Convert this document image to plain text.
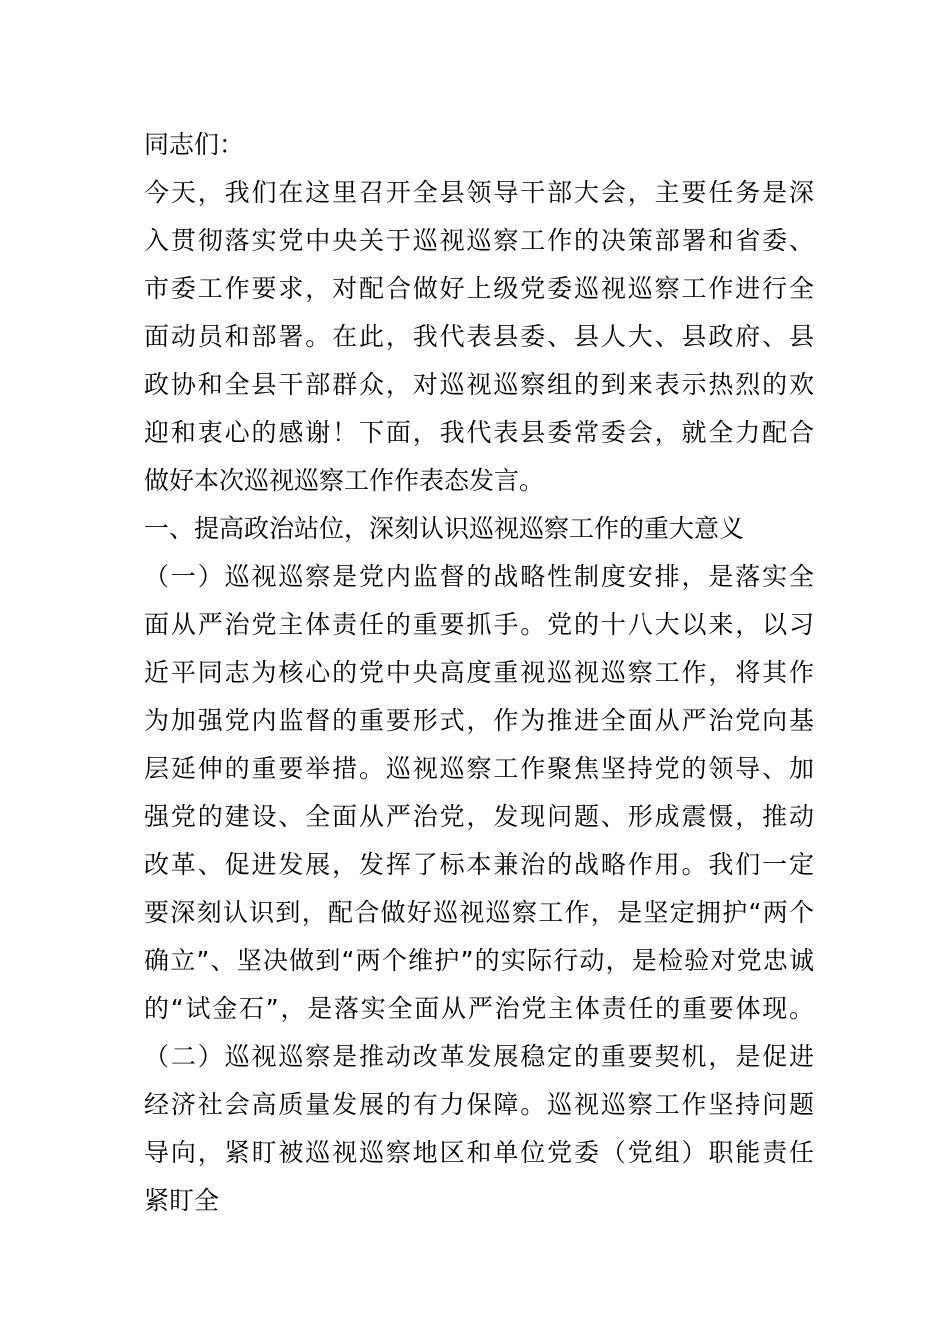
同志们：
今天，我们在这里召开全县领导干部大会，主要任务是深
入贯彻落实党中央关于巡视巡察工作的决策部署和省委、
市委工作要求，对配合做好上级党委巡视巡察工作进行全
面动员和部署。在此，我代表县委、县人大、县政府、县
政协和全县干部群众，对巡视巡察组的到来表示热烈的欢
迎和衷心的感谢！下面，我代表县委常委会，就全力配合
做好本次巡视巡察工作作表态发言。
一、提高政治站位，深刻认识巡视巡察工作的重大意义
（一）巡视巡察是党内监督的战略性制度安排，是落实全
面从严治党主体责任的重要抓手。党的十八大以来，以习
近平同志为核心的党中央高度重视巡视巡察工作，将其作
为加强党内监督的重要形式，作为推进全面从严治党向基
层延伸的重要举措。巡视巡察工作聚焦坚持党的领导、加
强党的建设、全面从严治党，发现问题、形成震慑，推动
改革、促进发展，发挥了标本兼治的战略作用。我们一定
要深刻认识到，配合做好巡视巡察工作，是坚定拥护“两个
确立”、坚决做到“两个维护”的实际行动，是检验对党忠诚
的“试金石”，是落实全面从严治党主体责任的重要体现。
（二）巡视巡察是推动改革发展稳定的重要契机，是促进
经济社会高质量发展的有力保障。巡视巡察工作坚持问题
导向，紧盯被巡视巡察地区和单位党委（党组）职能责任
紧盯全
